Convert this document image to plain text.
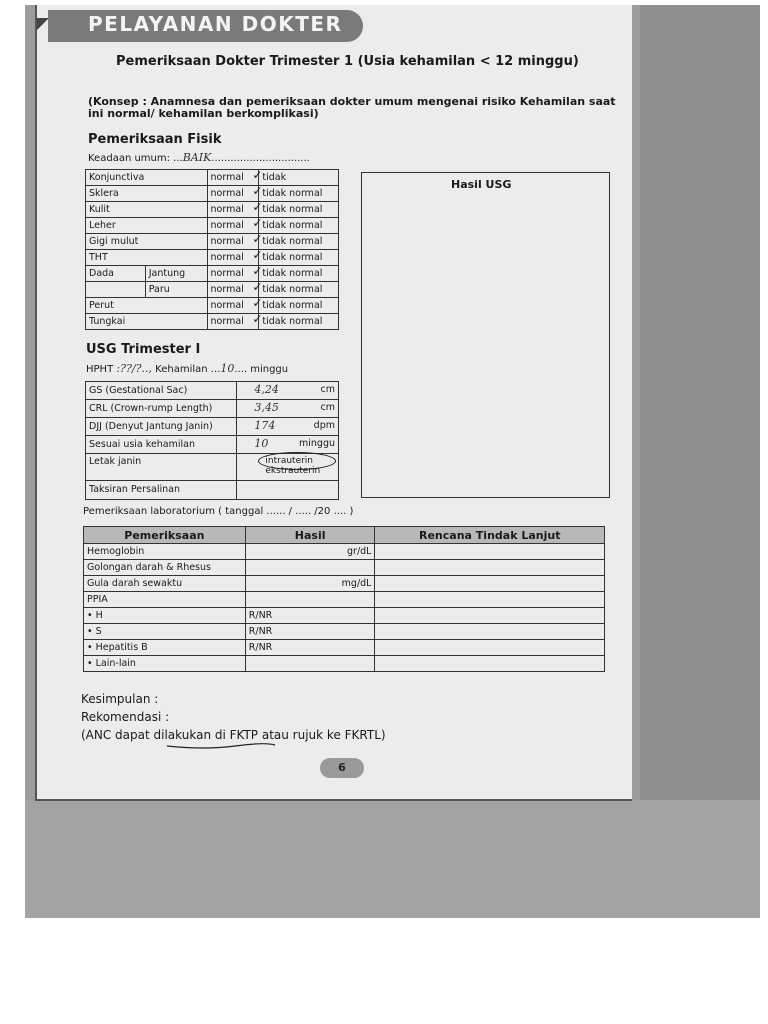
PELAYANAN DOKTER
Pemeriksaan Dokter Trimester 1 (Usia kehamilan < 12 minggu)
(Konsep : Anamnesa dan pemeriksaan dokter umum mengenai risiko Kehamilan saat ini normal/ kehamilan berkomplikasi)
Pemeriksaan Fisik
Keadaan umum: ...BAIK...............................
Konjunctiva		normal ✓	tidak
Sklera		normal ✓	tidak normal
Kulit		normal ✓	tidak normal
Leher		normal ✓	tidak normal
Gigi mulut		normal ✓	tidak normal
THT		normal ✓	tidak normal
Dada	Jantung	normal ✓	tidak normal
	Paru	normal ✓	tidak normal
Perut		normal ✓	tidak normal
Tungkai		normal ✓	tidak normal
Hasil USG
USG Trimester I
HPHT :??/?.., Kehamilan ...10.... minggu
GS (Gestational Sac)	4,24 cm

CRL (Crown-rump Length)	3,45 cm

DJJ (Denyut Jantung Janin)	174 dpm

Sesuai usia kehamilan	10 minggu

Letak janin	intrauterin
ekstrauterin

Taksiran Persalinan	
Pemeriksaan laboratorium ( tanggal ...... / ..... /20 .... )
Pemeriksaan	Hasil	Rencana Tindak Lanjut
Hemoglobin	gr/dL	
Golongan darah & Rhesus		
Gula darah sewaktu	mg/dL	
PPIA		
• H	R/NR	
• S	R/NR	
• Hepatitis B	R/NR	
• Lain-lain		
Kesimpulan :
Rekomendasi :
(ANC dapat dilakukan di FKTP atau rujuk ke FKRTL)
6
